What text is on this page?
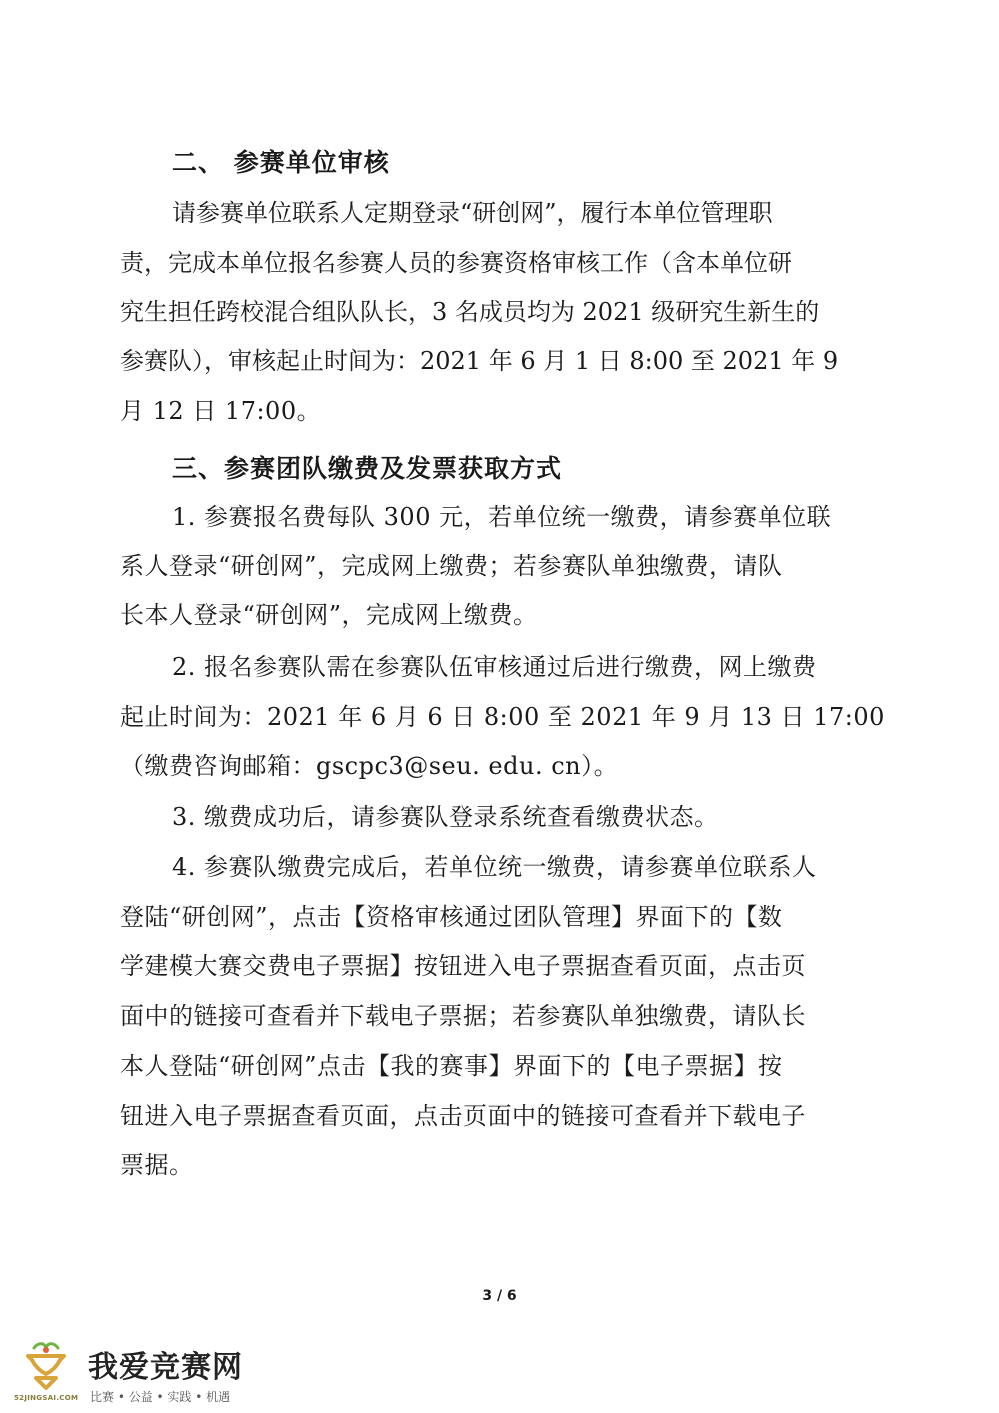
二、 参赛单位审核
请参赛单位联系人定期登录“研创网”，履行本单位管理职
责，完成本单位报名参赛人员的参赛资格审核工作（含本单位研
究生担任跨校混合组队队长，3 名成员均为 2021 级研究生新生的
参赛队），审核起止时间为：2021 年 6 月 1 日 8:00 至 2021 年 9
月 12 日 17:00。
三、参赛团队缴费及发票获取方式
1. 参赛报名费每队 300 元，若单位统一缴费，请参赛单位联
系人登录“研创网”，完成网上缴费；若参赛队单独缴费，请队
长本人登录“研创网”，完成网上缴费。
2. 报名参赛队需在参赛队伍审核通过后进行缴费，网上缴费
起止时间为：2021 年 6 月 6 日 8:00 至 2021 年 9 月 13 日 17:00
（缴费咨询邮箱：gscpc3@seu. edu. cn）。
3. 缴费成功后，请参赛队登录系统查看缴费状态。
4. 参赛队缴费完成后，若单位统一缴费，请参赛单位联系人
登陆“研创网”，点击【资格审核通过团队管理】界面下的【数
学建模大赛交费电子票据】按钮进入电子票据查看页面，点击页
面中的链接可查看并下载电子票据；若参赛队单独缴费，请队长
本人登陆“研创网”点击【我的赛事】界面下的【电子票据】按
钮进入电子票据查看页面，点击页面中的链接可查看并下载电子
票据。
3 / 6
我爱竞赛网
52JINGSAI.COM 比赛 • 公益 • 实践 • 机遇
